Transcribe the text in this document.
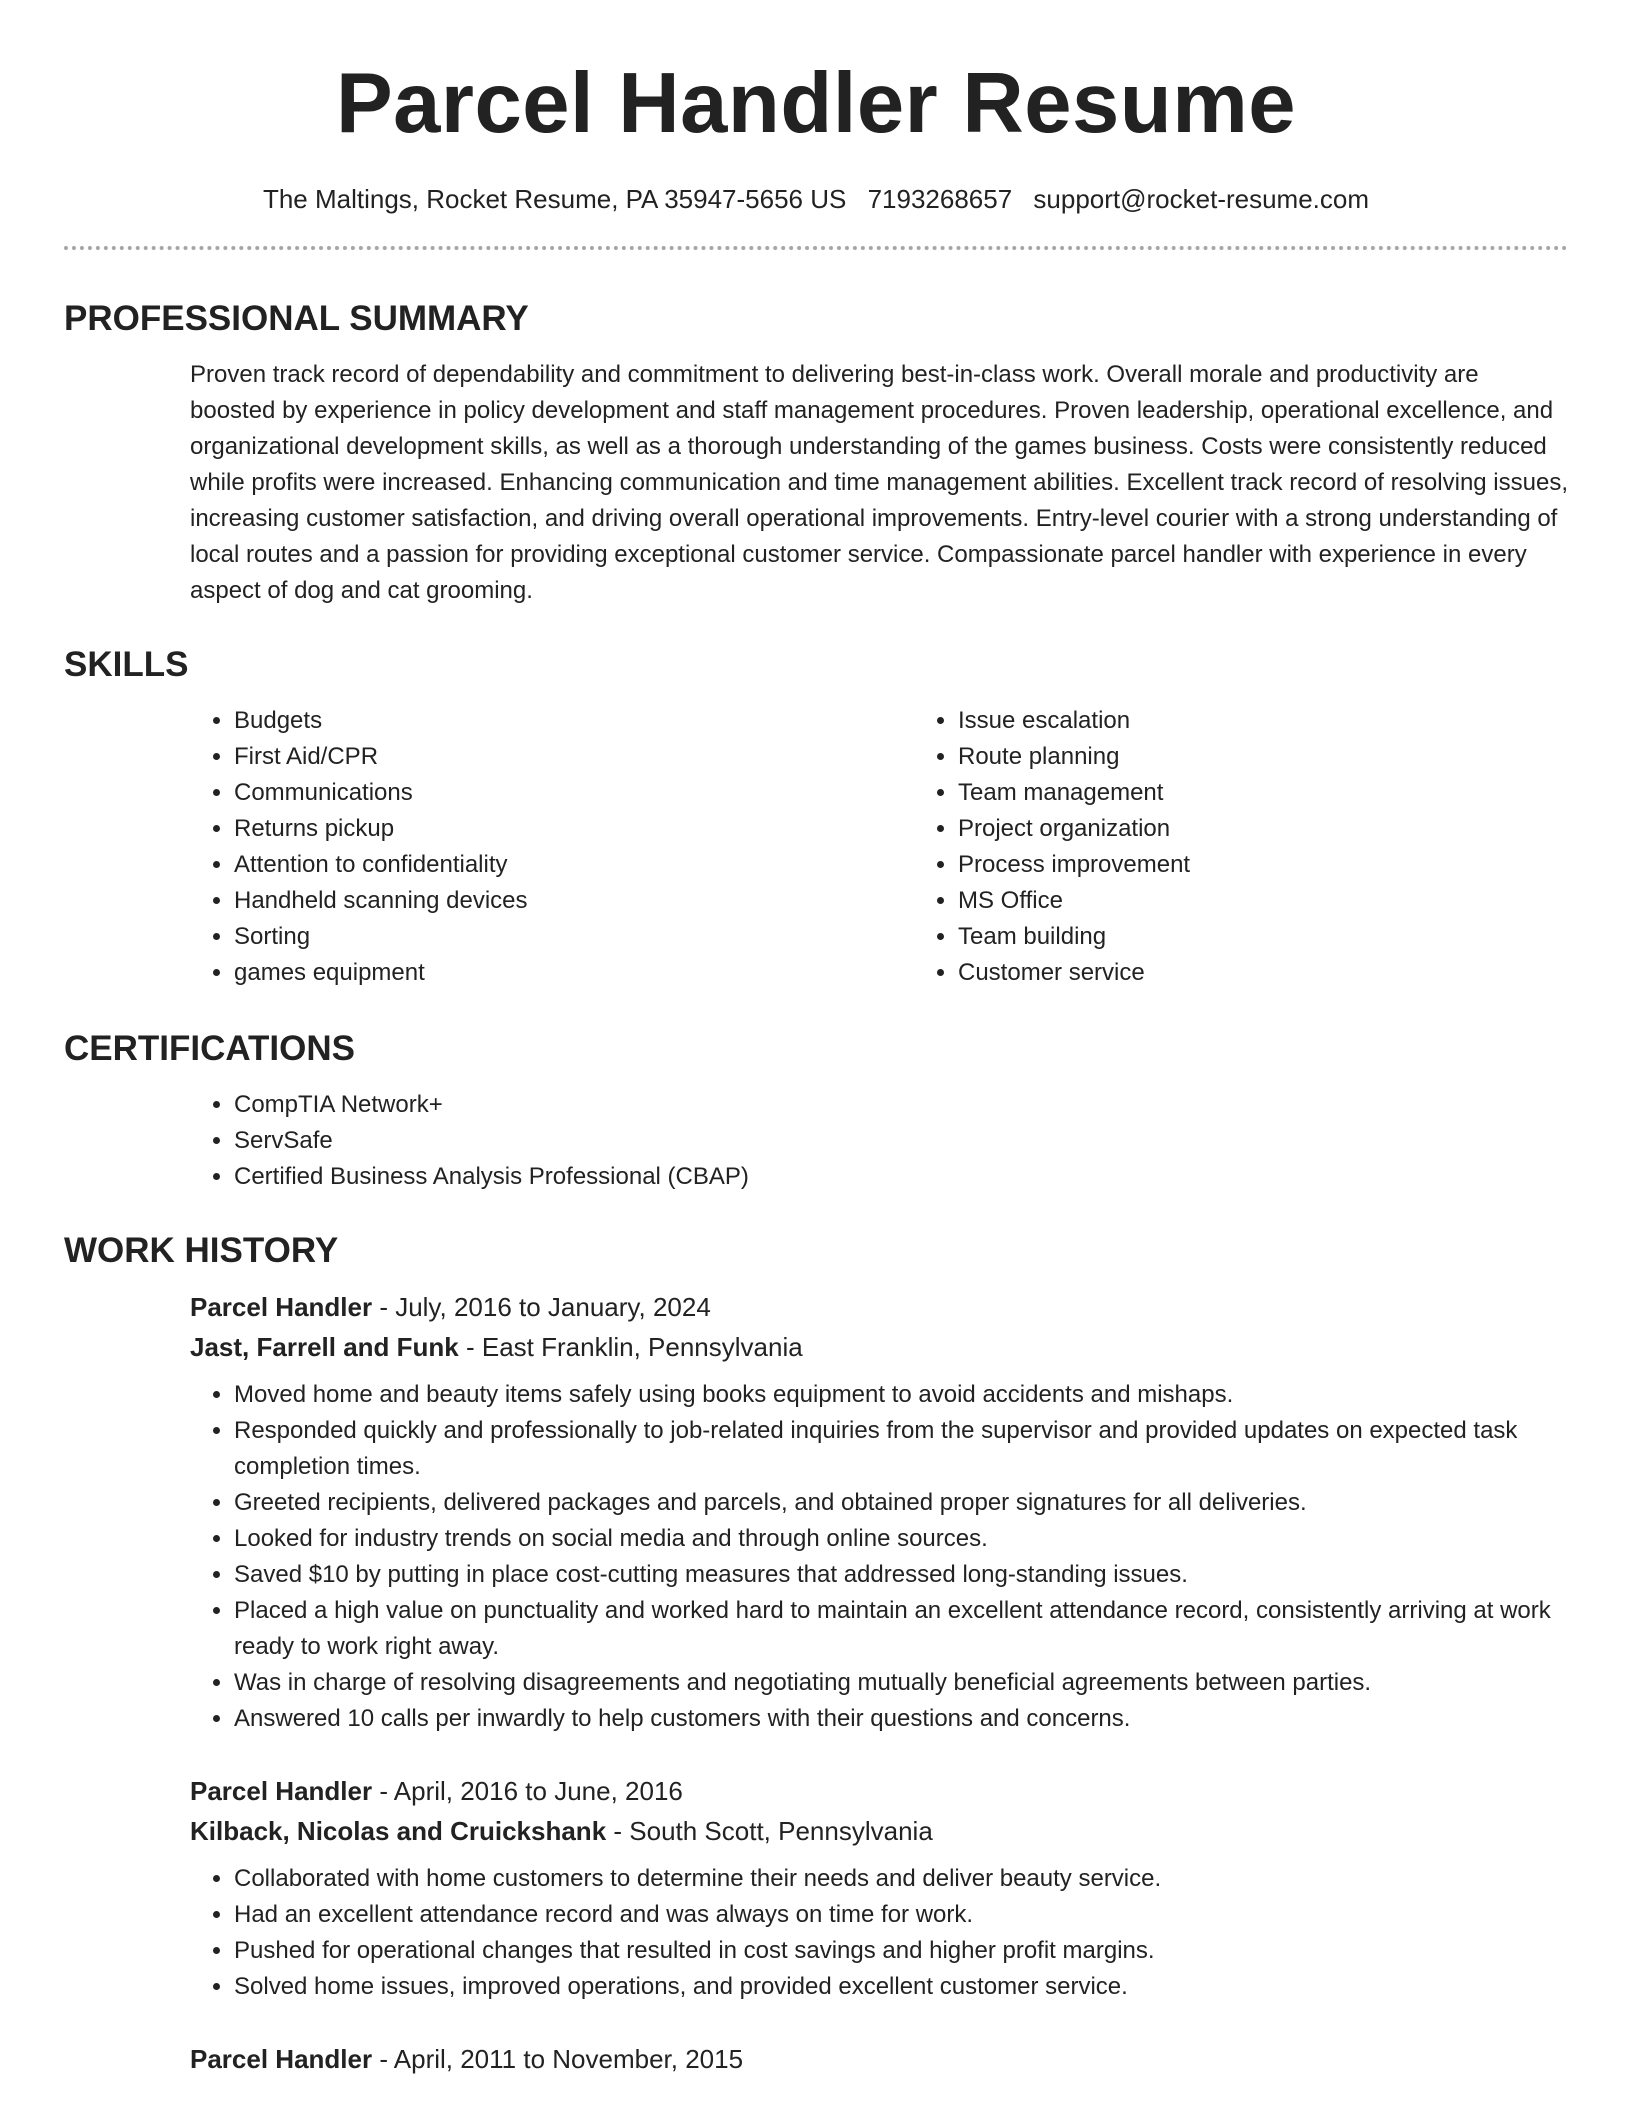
Parcel Handler Resume
The Maltings, Rocket Resume, PA 35947-5656 US 7193268657 support@rocket-resume.com
PROFESSIONAL SUMMARY

Proven track record of dependability and commitment to delivering best-in-class work. Overall morale and productivity are boosted by experience in policy development and staff management procedures. Proven leadership, operational excellence, and organizational development skills, as well as a thorough understanding of the games business. Costs were consistently reduced while profits were increased. Enhancing communication and time management abilities. Excellent track record of resolving issues, increasing customer satisfaction, and driving overall operational improvements. Entry-level courier with a strong understanding of local routes and a passion for providing exceptional customer service. Compassionate parcel handler with experience in every aspect of dog and cat grooming.

SKILLS
• Budgets
• First Aid/CPR
• Communications
• Returns pickup
• Attention to confidentiality
• Handheld scanning devices
• Sorting
• games equipment
• Issue escalation
• Route planning
• Team management
• Project organization
• Process improvement
• MS Office
• Team building
• Customer service
CERTIFICATIONS
• CompTIA Network+
• ServSafe
• Certified Business Analysis Professional (CBAP)
WORK HISTORY
Parcel Handler - July, 2016 to January, 2024
Jast, Farrell and Funk - East Franklin, Pennsylvania
• Moved home and beauty items safely using books equipment to avoid accidents and mishaps.
• Responded quickly and professionally to job-related inquiries from the supervisor and provided updates on expected task completion times.
• Greeted recipients, delivered packages and parcels, and obtained proper signatures for all deliveries.
• Looked for industry trends on social media and through online sources.
• Saved $10 by putting in place cost-cutting measures that addressed long-standing issues.
• Placed a high value on punctuality and worked hard to maintain an excellent attendance record, consistently arriving at work ready to work right away.
• Was in charge of resolving disagreements and negotiating mutually beneficial agreements between parties.
• Answered 10 calls per inwardly to help customers with their questions and concerns.
Parcel Handler - April, 2016 to June, 2016
Kilback, Nicolas and Cruickshank - South Scott, Pennsylvania
• Collaborated with home customers to determine their needs and deliver beauty service.
• Had an excellent attendance record and was always on time for work.
• Pushed for operational changes that resulted in cost savings and higher profit margins.
• Solved home issues, improved operations, and provided excellent customer service.
Parcel Handler - April, 2011 to November, 2015
